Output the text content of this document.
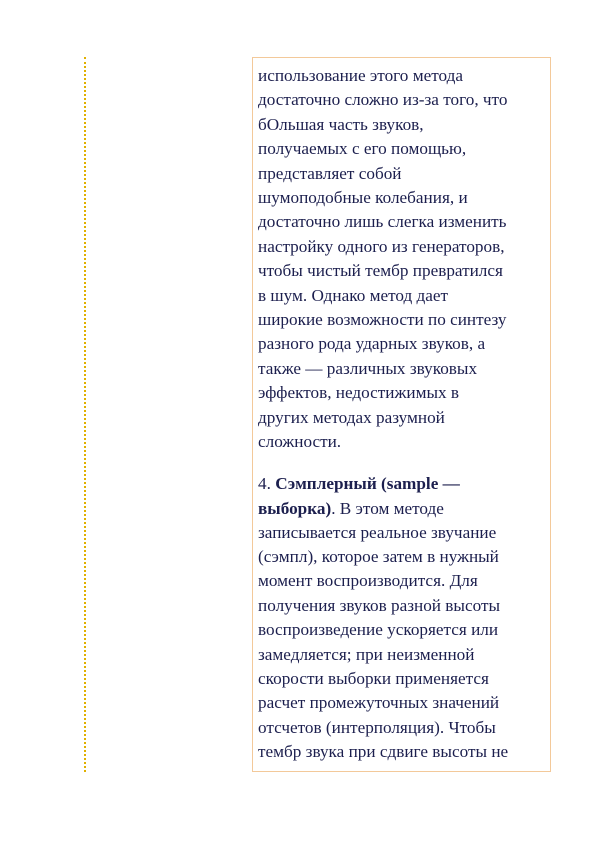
использование этого метода
достаточно сложно из-за того, что
бОльшая часть звуков,
получаемых с его помощью,
представляет собой
шумоподобные колебания, и
достаточно лишь слегка изменить
настройку одного из генераторов,
чтобы чистый тембр превратился
в шум. Однако метод дает
широкие возможности по синтезу
разного рода ударных звуков, а
также — различных звуковых
эффектов, недостижимых в
других методах разумной
сложности.
4. Сэмплерный (sample —
выборка). В этом методе
записывается реальное звучание
(сэмпл), которое затем в нужный
момент воспроизводится. Для
получения звуков разной высоты
воспроизведение ускоряется или
замедляется; при неизменной
скорости выборки применяется
расчет промежуточных значений
отсчетов (интерполяция). Чтобы
тембр звука при сдвиге высоты не
